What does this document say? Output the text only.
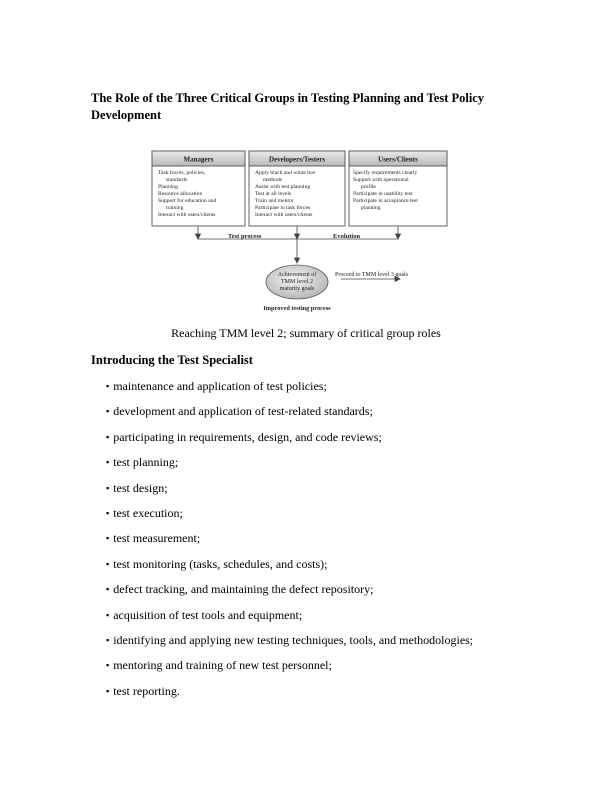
The Role of the Three Critical Groups in Testing Planning and Test Policy Development
Managers
Task forces, policies,
standards
Planning
Resource allocation
Support for education and
training
Interact with users/clients
Developers/Testers
Apply black and white box
methods
Assist with test planning
Test at all levels
Train and mentor
Participate in task forces
Interact with users/clients
Users/Clients
Specify requirements clearly
Support with operational
profile
Participate in usability test
Participate in acceptance test
planning
Test process	Evolution
Achievement of
TMM level 2
maturity goals
Proceed to TMM level 3 goals
Improved testing process
Reaching TMM level 2; summary of critical group roles
Introducing the Test Specialist
▪ maintenance and application of test policies;
▪ development and application of test-related standards;
▪ participating in requirements, design, and code reviews;
▪ test planning;
▪ test design;
▪ test execution;
▪ test measurement;
▪ test monitoring (tasks, schedules, and costs);
▪ defect tracking, and maintaining the defect repository;
▪ acquisition of test tools and equipment;
▪ identifying and applying new testing techniques, tools, and methodologies;
▪ mentoring and training of new test personnel;
▪ test reporting.
